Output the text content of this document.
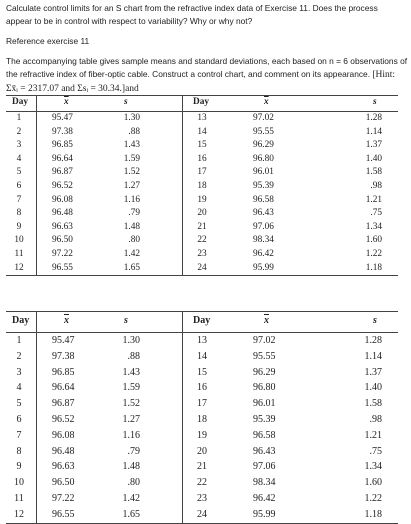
Calculate control limits for an S chart from the refractive index data of Exercise 11. Does the process appear to be in control with respect to variability? Why or why not?
Reference exercise 11
The accompanying table gives sample means and standard deviations, each based on n = 6 observations of the refractive index of fiber-optic cable. Construct a control chart, and comment on its appearance. [Hint: Σx̄ᵢ = 2317.07 and Σsᵢ = 30.34.]and
Day	$\overline{x}$	s	Day	$\overline{x}$	s
1	95.47	1.30	13	97.02	1.28
2	97.38	.88	14	95.55	1.14
3	96.85	1.43	15	96.29	1.37
4	96.64	1.59	16	96.80	1.40
5	96.87	1.52	17	96.01	1.58
6	96.52	1.27	18	95.39	.98
7	96.08	1.16	19	96.58	1.21
8	96.48	.79	20	96.43	.75
9	96.63	1.48	21	97.06	1.34
10	96.50	.80	22	98.34	1.60
11	97.22	1.42	23	96.42	1.22
12	96.55	1.65	24	95.99	1.18
Day	$\overline{x}$	s	Day	$\overline{x}$	s
1	95.47	1.30	13	97.02	1.28
2	97.38	.88	14	95.55	1.14
3	96.85	1.43	15	96.29	1.37
4	96.64	1.59	16	96.80	1.40
5	96.87	1.52	17	96.01	1.58
6	96.52	1.27	18	95.39	.98
7	96.08	1.16	19	96.58	1.21
8	96.48	.79	20	96.43	.75
9	96.63	1.48	21	97.06	1.34
10	96.50	.80	22	98.34	1.60
11	97.22	1.42	23	96.42	1.22
12	96.55	1.65	24	95.99	1.18
